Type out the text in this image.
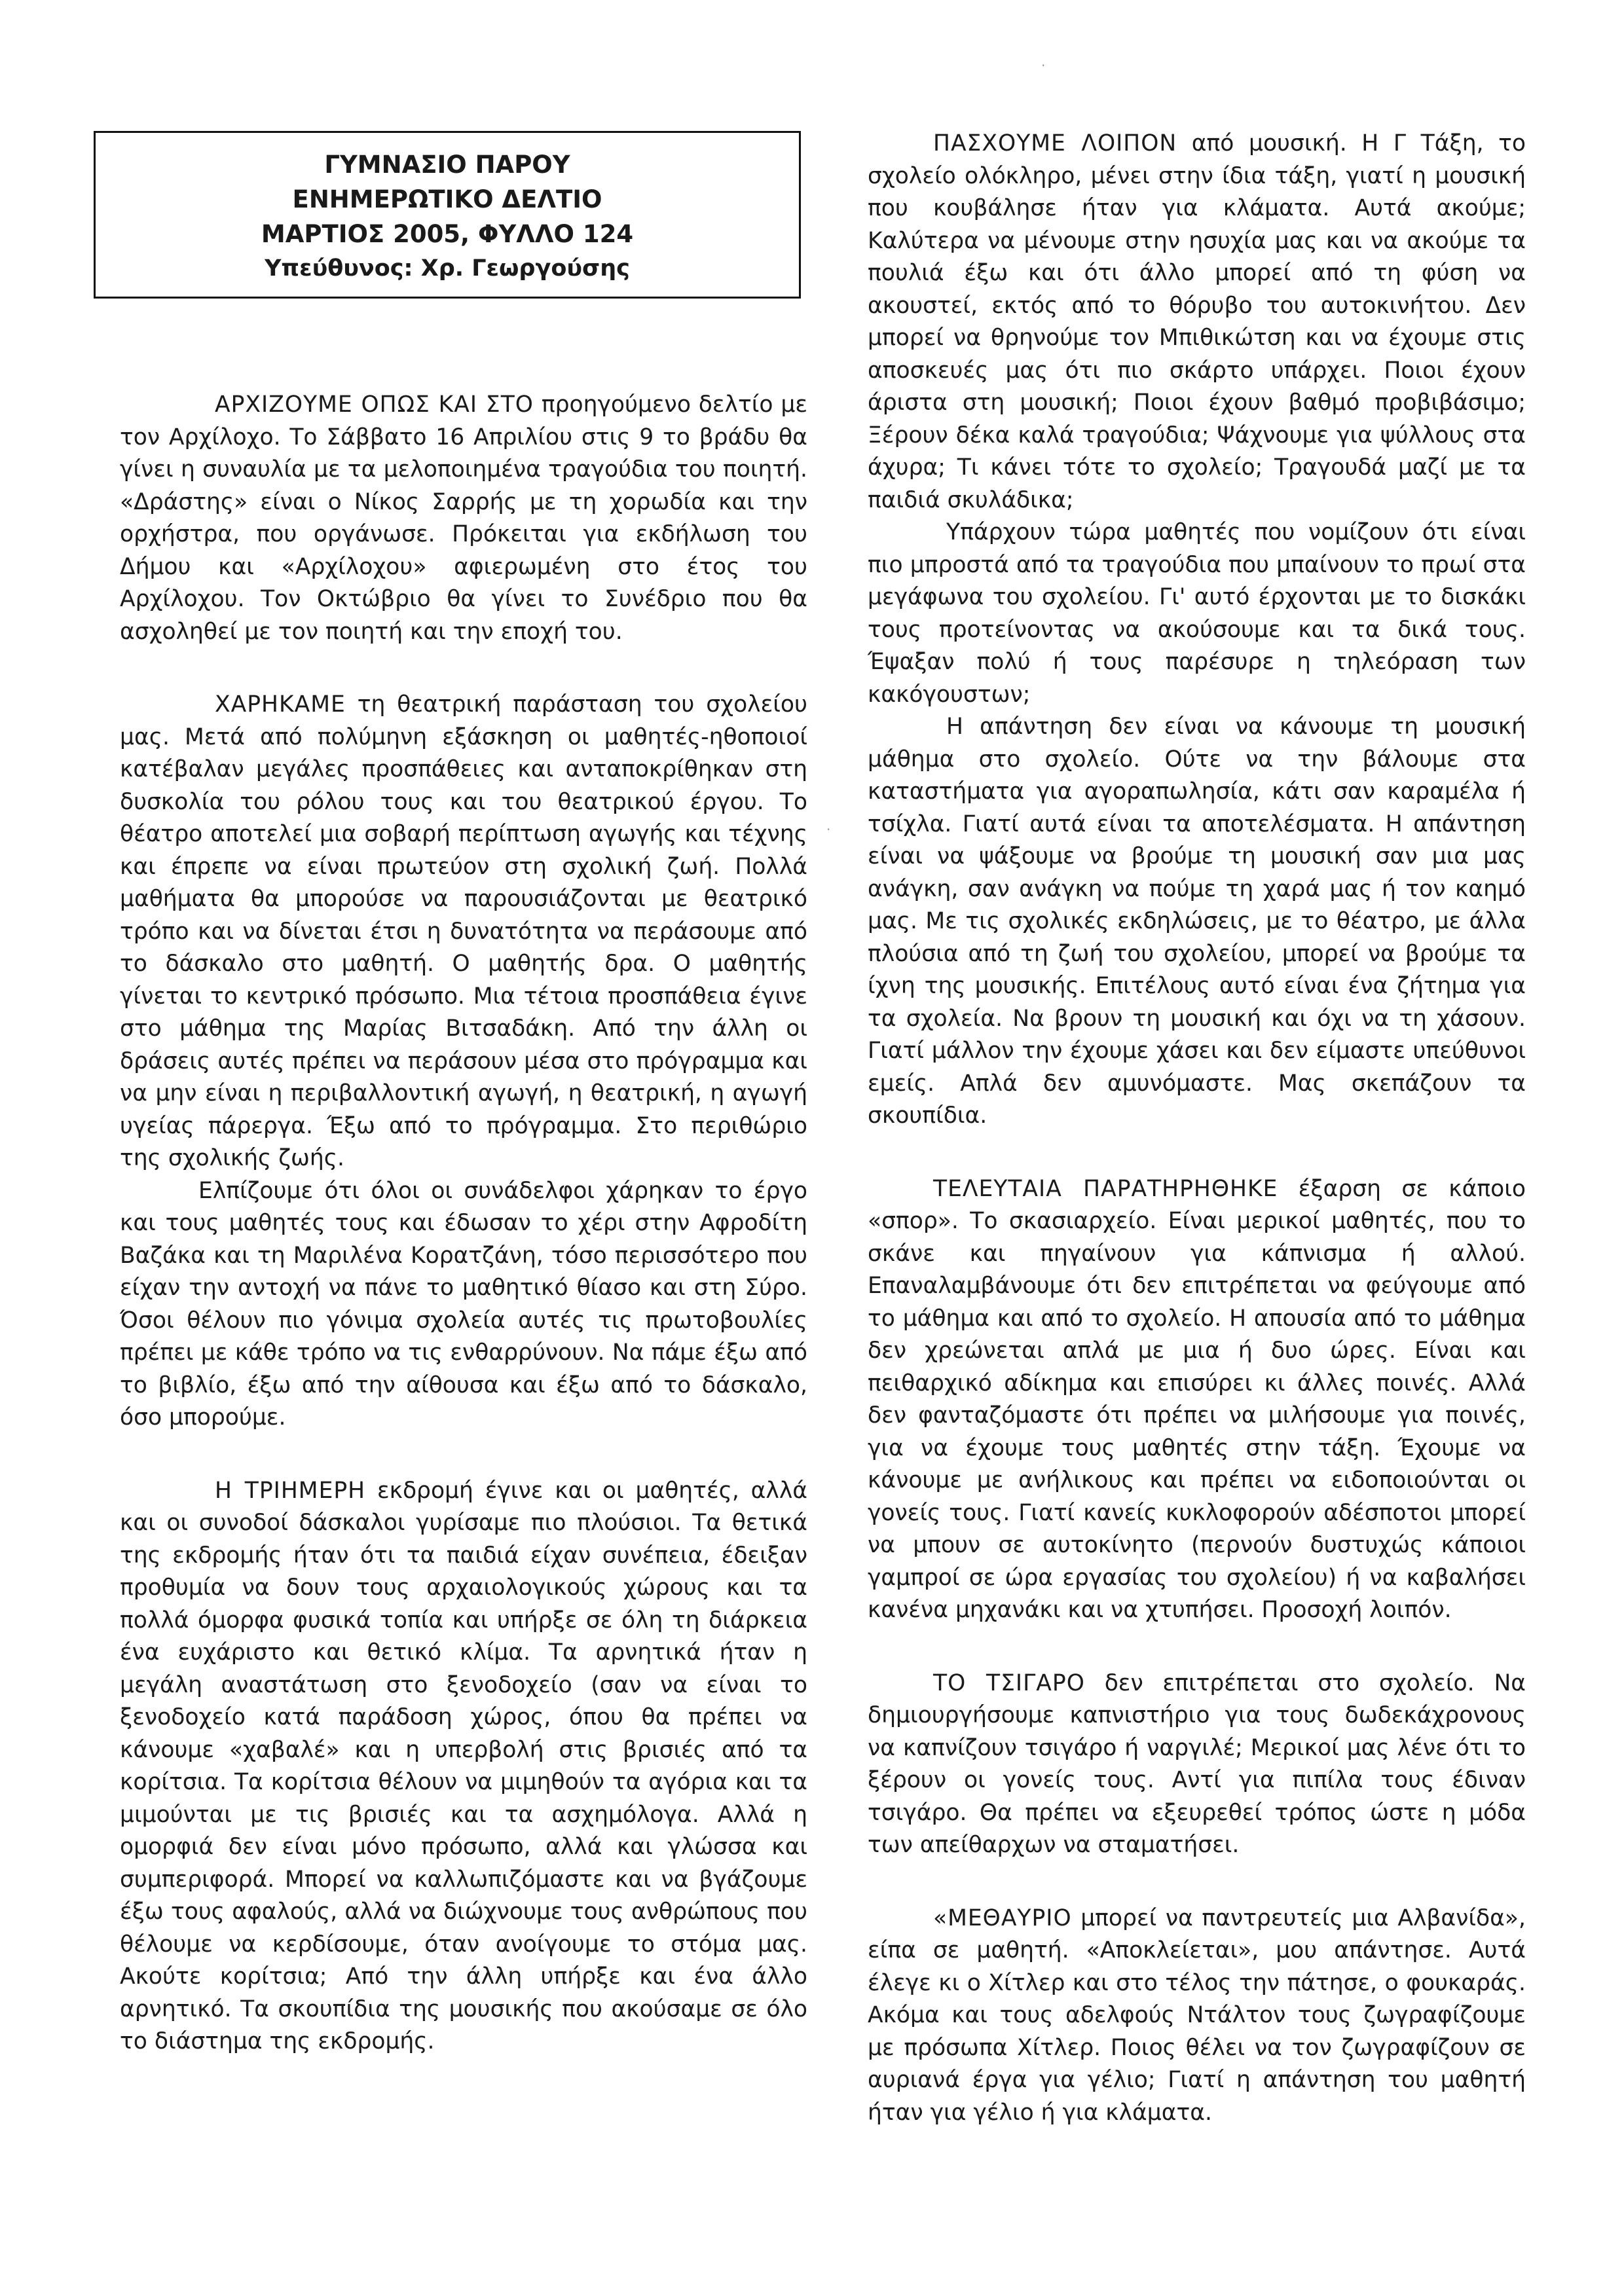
ΓΥΜΝΑΣΙΟ ΠΑΡΟΥ
ΕΝΗΜΕΡΩΤΙΚΟ ΔΕΛΤΙΟ
ΜΑΡΤΙΟΣ 2005, ΦΥΛΛΟ 124
Υπεύθυνος: Χρ. Γεωργούσης

ΑΡΧΙΖΟΥΜΕ ΟΠΩΣ ΚΑΙ ΣΤΟ προηγούμενο δελτίο με τον Αρχίλοχο. Το Σάββατο 16 Απριλίου στις 9 το βράδυ θα γίνει η συναυλία με τα μελοποιημένα τραγούδια του ποιητή. «Δράστης» είναι ο Νίκος Σαρρής με τη χορωδία και την ορχήστρα, που οργάνωσε. Πρόκειται για εκδήλωση του Δήμου και «Αρχίλοχου» αφιερωμένη στο έτος του Αρχίλοχου. Τον Οκτώβριο θα γίνει το Συνέδριο που θα ασχοληθεί με τον ποιητή και την εποχή του.

ΧΑΡΗΚΑΜΕ τη θεατρική παράσταση του σχολείου μας. Μετά από πολύμηνη εξάσκηση οι μαθητές-ηθοποιοί κατέβαλαν μεγάλες προσπάθειες και ανταποκρίθηκαν στη δυσκολία του ρόλου τους και του θεατρικού έργου. Το θέατρο αποτελεί μια σοβαρή περίπτωση αγωγής και τέχνης και έπρεπε να είναι πρωτεύον στη σχολική ζωή. Πολλά μαθήματα θα μπορούσε να παρουσιάζονται με θεατρικό τρόπο και να δίνεται έτσι η δυνατότητα να περάσουμε από το δάσκαλο στο μαθητή. Ο μαθητής δρα. Ο μαθητής γίνεται το κεντρικό πρόσωπο. Μια τέτοια προσπάθεια έγινε στο μάθημα της Μαρίας Βιτσαδάκη. Από την άλλη οι δράσεις αυτές πρέπει να περάσουν μέσα στο πρόγραμμα και να μην είναι η περιβαλλοντική αγωγή, η θεατρική, η αγωγή υγείας πάρεργα. Έξω από το πρόγραμμα. Στο περιθώριο της σχολικής ζωής.

Ελπίζουμε ότι όλοι οι συνάδελφοι χάρηκαν το έργο και τους μαθητές τους και έδωσαν το χέρι στην Αφροδίτη Βαζάκα και τη Μαριλένα Κορατζάνη, τόσο περισσότερο που είχαν την αντοχή να πάνε το μαθητικό θίασο και στη Σύρο. Όσοι θέλουν πιο γόνιμα σχολεία αυτές τις πρωτοβουλίες πρέπει με κάθε τρόπο να τις ενθαρρύνουν. Να πάμε έξω από το βιβλίο, έξω από την αίθουσα και έξω από το δάσκαλο, όσο μπορούμε.

Η ΤΡΙΗΜΕΡΗ εκδρομή έγινε και οι μαθητές, αλλά και οι συνοδοί δάσκαλοι γυρίσαμε πιο πλούσιοι. Τα θετικά της εκδρομής ήταν ότι τα παιδιά είχαν συνέπεια, έδειξαν προθυμία να δουν τους αρχαιολογικούς χώρους και τα πολλά όμορφα φυσικά τοπία και υπήρξε σε όλη τη διάρκεια ένα ευχάριστο και θετικό κλίμα. Τα αρνητικά ήταν η μεγάλη αναστάτωση στο ξενοδοχείο (σαν να είναι το ξενοδοχείο κατά παράδοση χώρος, όπου θα πρέπει να κάνουμε «χαβαλέ» και η υπερβολή στις βρισιές από τα κορίτσια. Τα κορίτσια θέλουν να μιμηθούν τα αγόρια και τα μιμούνται με τις βρισιές και τα ασχημόλογα. Αλλά η ομορφιά δεν είναι μόνο πρόσωπο, αλλά και γλώσσα και συμπεριφορά. Μπορεί να καλλωπιζόμαστε και να βγάζουμε έξω τους αφαλούς, αλλά να διώχνουμε τους ανθρώπους που θέλουμε να κερδίσουμε, όταν ανοίγουμε το στόμα μας. Ακούτε κορίτσια; Από την άλλη υπήρξε και ένα άλλο αρνητικό. Τα σκουπίδια της μουσικής που ακούσαμε σε όλο το διάστημα της εκδρομής.

ΠΑΣΧΟΥΜΕ ΛΟΙΠΟΝ από μουσική. Η Γ Τάξη, το σχολείο ολόκληρο, μένει στην ίδια τάξη, γιατί η μουσική που κουβάλησε ήταν για κλάματα. Αυτά ακούμε; Καλύτερα να μένουμε στην ησυχία μας και να ακούμε τα πουλιά έξω και ότι άλλο μπορεί από τη φύση να ακουστεί, εκτός από το θόρυβο του αυτοκινήτου. Δεν μπορεί να θρηνούμε τον Μπιθικώτση και να έχουμε στις αποσκευές μας ότι πιο σκάρτο υπάρχει. Ποιοι έχουν άριστα στη μουσική; Ποιοι έχουν βαθμό προβιβάσιμο; Ξέρουν δέκα καλά τραγούδια; Ψάχνουμε για ψύλλους στα άχυρα; Τι κάνει τότε το σχολείο; Τραγουδά μαζί με τα παιδιά σκυλάδικα;

Υπάρχουν τώρα μαθητές που νομίζουν ότι είναι πιο μπροστά από τα τραγούδια που μπαίνουν το πρωί στα μεγάφωνα του σχολείου. Γι' αυτό έρχονται με το δισκάκι τους προτείνοντας να ακούσουμε και τα δικά τους. Έψαξαν πολύ ή τους παρέσυρε η τηλεόραση των κακόγουστων;

Η απάντηση δεν είναι να κάνουμε τη μουσική μάθημα στο σχολείο. Ούτε να την βάλουμε στα καταστήματα για αγοραπωλησία, κάτι σαν καραμέλα ή τσίχλα. Γιατί αυτά είναι τα αποτελέσματα. Η απάντηση είναι να ψάξουμε να βρούμε τη μουσική σαν μια μας ανάγκη, σαν ανάγκη να πούμε τη χαρά μας ή τον καημό μας. Με τις σχολικές εκδηλώσεις, με το θέατρο, με άλλα πλούσια από τη ζωή του σχολείου, μπορεί να βρούμε τα ίχνη της μουσικής. Επιτέλους αυτό είναι ένα ζήτημα για τα σχολεία. Να βρουν τη μουσική και όχι να τη χάσουν. Γιατί μάλλον την έχουμε χάσει και δεν είμαστε υπεύθυνοι εμείς. Απλά δεν αμυνόμαστε. Μας σκεπάζουν τα σκουπίδια.

ΤΕΛΕΥΤΑΙΑ ΠΑΡΑΤΗΡΗΘΗΚΕ έξαρση σε κάποιο «σπορ». Το σκασιαρχείο. Είναι μερικοί μαθητές, που το σκάνε και πηγαίνουν για κάπνισμα ή αλλού. Επαναλαμβάνουμε ότι δεν επιτρέπεται να φεύγουμε από το μάθημα και από το σχολείο. Η απουσία από το μάθημα δεν χρεώνεται απλά με μια ή δυο ώρες. Είναι και πειθαρχικό αδίκημα και επισύρει κι άλλες ποινές. Αλλά δεν φανταζόμαστε ότι πρέπει να μιλήσουμε για ποινές, για να έχουμε τους μαθητές στην τάξη. Έχουμε να κάνουμε με ανήλικους και πρέπει να ειδοποιούνται οι γονείς τους. Γιατί κανείς κυκλοφορούν αδέσποτοι μπορεί να μπουν σε αυτοκίνητο (περνούν δυστυχώς κάποιοι γαμπροί σε ώρα εργασίας του σχολείου) ή να καβαλήσει κανένα μηχανάκι και να χτυπήσει. Προσοχή λοιπόν.

ΤΟ ΤΣΙΓΑΡΟ δεν επιτρέπεται στο σχολείο. Να δημιουργήσουμε καπνιστήριο για τους δωδεκάχρονους να καπνίζουν τσιγάρο ή ναργιλέ; Μερικοί μας λένε ότι το ξέρουν οι γονείς τους. Αντί για πιπίλα τους έδιναν τσιγάρο. Θα πρέπει να εξευρεθεί τρόπος ώστε η μόδα των απείθαρχων να σταματήσει.

«ΜΕΘΑΥΡΙΟ μπορεί να παντρευτείς μια Αλβανίδα», είπα σε μαθητή. «Αποκλείεται», μου απάντησε. Αυτά έλεγε κι ο Χίτλερ και στο τέλος την πάτησε, ο φουκαράς. Ακόμα και τους αδελφούς Ντάλτον τους ζωγραφίζουμε με πρόσωπα Χίτλερ. Ποιος θέλει να τον ζωγραφίζουν σε αυριανά έργα για γέλιο; Γιατί η απάντηση του μαθητή ήταν για γέλιο ή για κλάματα.

·
·
